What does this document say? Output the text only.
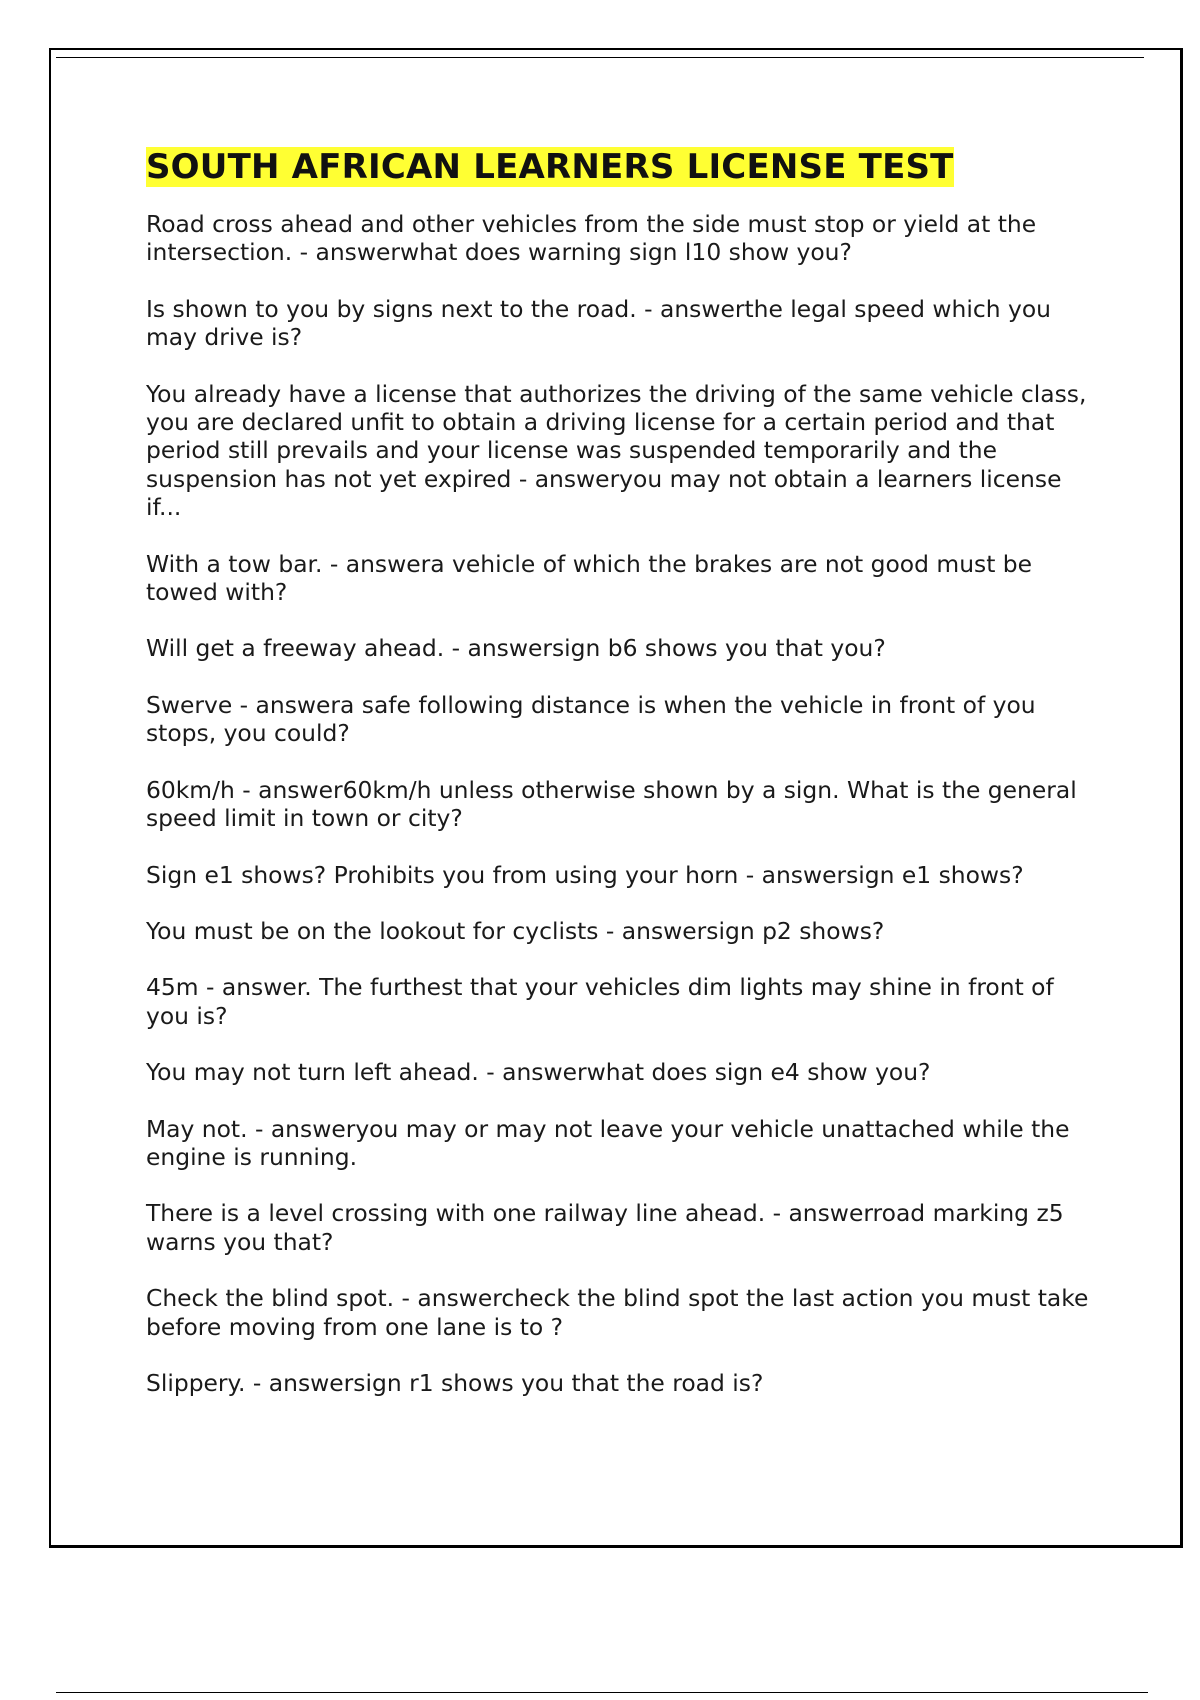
SOUTH AFRICAN LEARNERS LICENSE TEST

Road cross ahead and other vehicles from the side must stop or yield at the intersection. - answerwhat does warning sign l10 show you?

Is shown to you by signs next to the road. - answerthe legal speed which you may drive is?

You already have a license that authorizes the driving of the same vehicle class, you are declared unfit to obtain a driving license for a certain period and that period still prevails and your license was suspended temporarily and the suspension has not yet expired - answeryou may not obtain a learners license if...

With a tow bar. - answera vehicle of which the brakes are not good must be towed with?

Will get a freeway ahead. - answersign b6 shows you that you?

Swerve - answera safe following distance is when the vehicle in front of you stops, you could?

60km/h - answer60km/h unless otherwise shown by a sign. What is the general speed limit in town or city?

Sign e1 shows? Prohibits you from using your horn - answersign e1 shows?

You must be on the lookout for cyclists - answersign p2 shows?

45m - answer. The furthest that your vehicles dim lights may shine in front of you is?

You may not turn left ahead. - answerwhat does sign e4 show you?

May not. - answeryou may or may not leave your vehicle unattached while the engine is running.

There is a level crossing with one railway line ahead. - answerroad marking z5 warns you that?

Check the blind spot. - answercheck the blind spot the last action you must take before moving from one lane is to ?

Slippery. - answersign r1 shows you that the road is?
